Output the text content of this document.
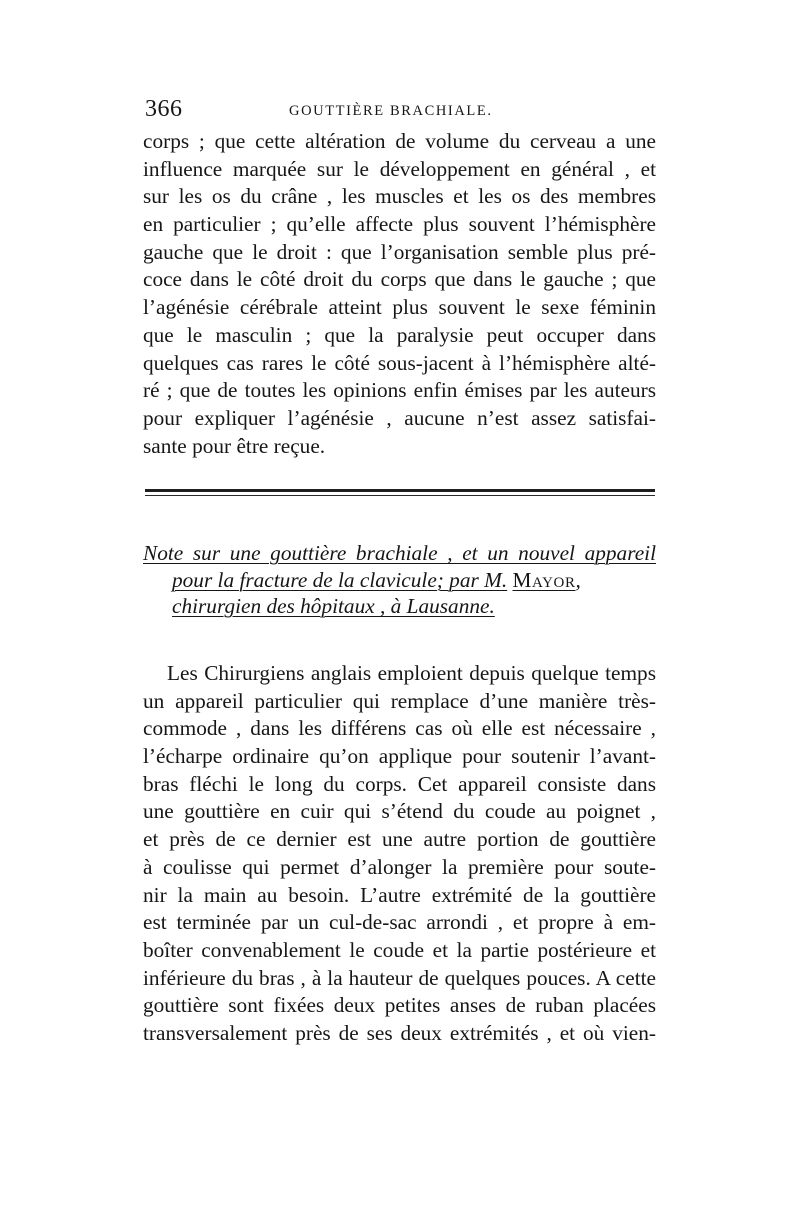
366	GOUTTIÈRE BRACHIALE.
corps ; que cette altération de volume du cerveau a une
influence marquée sur le développement en général , et
sur les os du crâne , les muscles et les os des membres
en particulier ; qu’elle affecte plus souvent l’hémisphère
gauche que le droit : que l’organisation semble plus pré-
coce dans le côté droit du corps que dans le gauche ; que
l’agénésie cérébrale atteint plus souvent le sexe féminin
que le masculin ; que la paralysie peut occuper dans
quelques cas rares le côté sous-jacent à l’hémisphère alté-
ré ; que de toutes les opinions enfin émises par les auteurs
pour expliquer l’agénésie , aucune n’est assez satisfai-
sante pour être reçue.
Note sur une gouttière brachiale , et un nouvel appareil
pour la fracture de la clavicule; par M. Mayor,
chirurgien des hôpitaux , à Lausanne.
Les Chirurgiens anglais emploient depuis quelque temps
un appareil particulier qui remplace d’une manière très-
commode , dans les différens cas où elle est nécessaire ,
l’écharpe ordinaire qu’on applique pour soutenir l’avant-
bras fléchi le long du corps. Cet appareil consiste dans
une gouttière en cuir qui s’étend du coude au poignet ,
et près de ce dernier est une autre portion de gouttière
à coulisse qui permet d’alonger la première pour soute-
nir la main au besoin. L’autre extrémité de la gouttière
est terminée par un cul-de-sac arrondi , et propre à em-
boîter convenablement le coude et la partie postérieure et
inférieure du bras , à la hauteur de quelques pouces. A cette
gouttière sont fixées deux petites anses de ruban placées
transversalement près de ses deux extrémités , et où vien-
